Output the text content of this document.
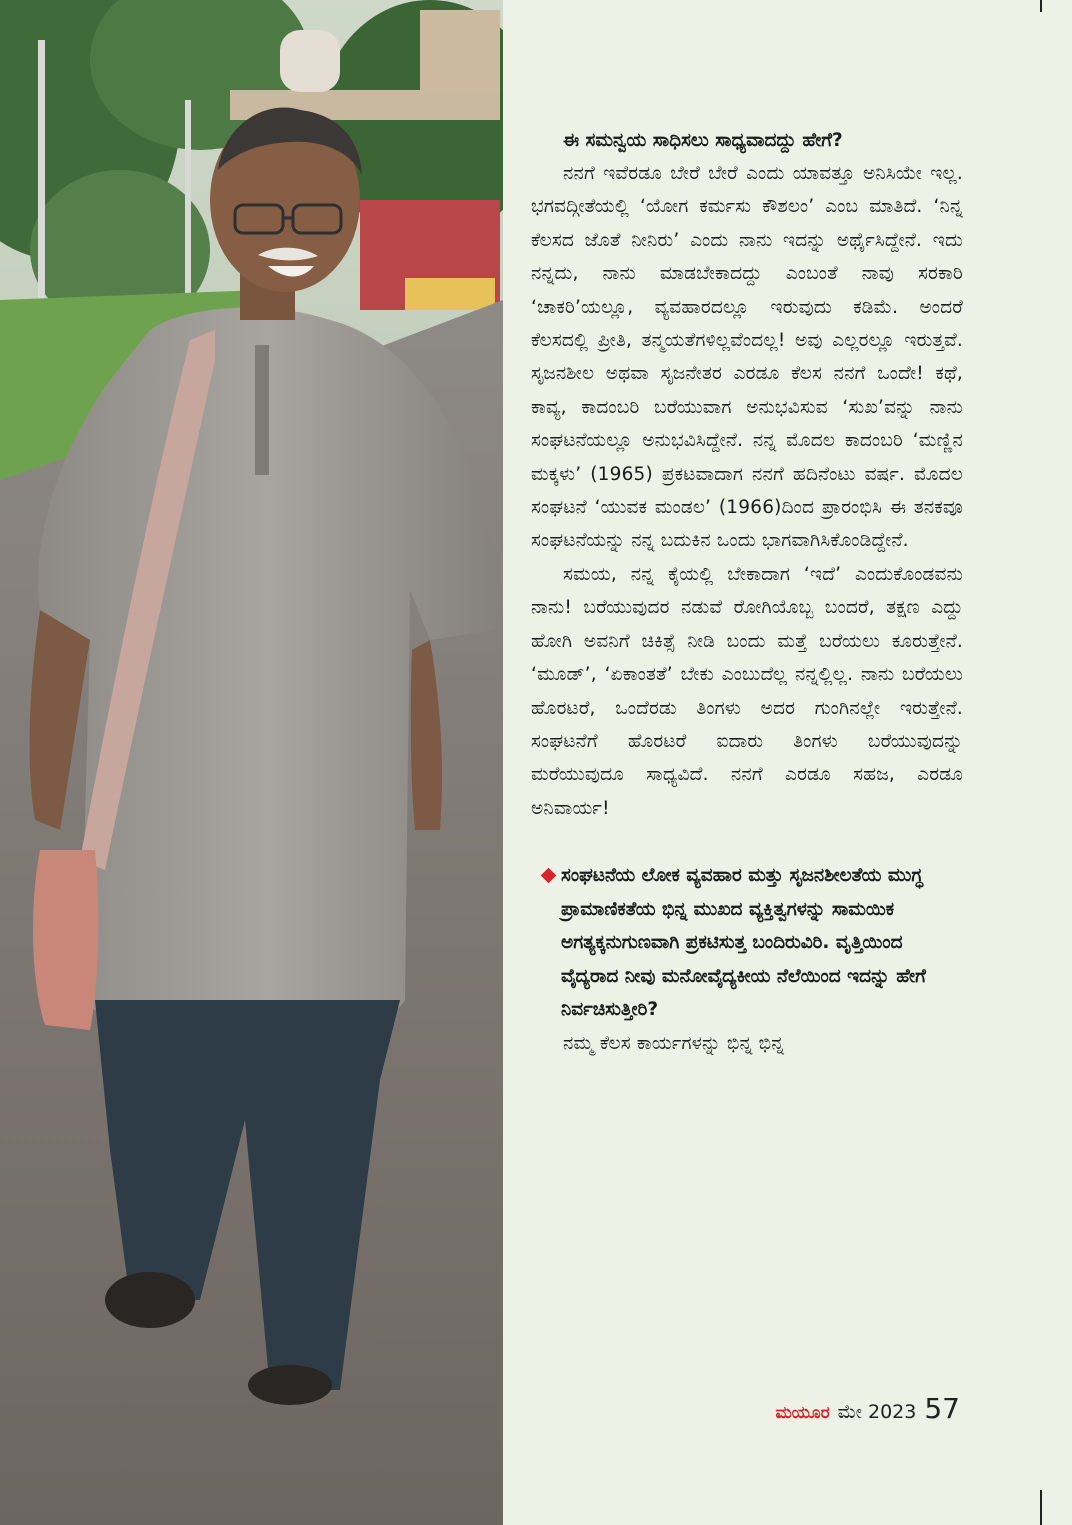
ಈ ಸಮನ್ವಯ ಸಾಧಿಸಲು ಸಾಧ್ಯವಾದದ್ದು ಹೇಗೆ?

ನನಗೆ ಇವೆರಡೂ ಬೇರೆ ಬೇರೆ ಎಂದು ಯಾವತ್ತೂ ಅನಿಸಿಯೇ ಇಲ್ಲ. ಭಗವದ್ಗೀತೆಯಲ್ಲಿ ‘ಯೋಗ ಕರ್ಮಸು ಕೌಶಲಂ’ ಎಂಬ ಮಾತಿದೆ. ‘ನಿನ್ನ ಕೆಲಸದ ಜೊತೆ ನೀನಿರು’ ಎಂದು ನಾನು ಇದನ್ನು ಅರ್ಥೈಸಿದ್ದೇನೆ. ಇದು ನನ್ನದು, ನಾನು ಮಾಡಬೇಕಾದದ್ದು ಎಂಬಂತೆ ನಾವು ಸರಕಾರಿ ‘ಚಾಕರಿ’ಯಲ್ಲೂ, ವ್ಯವಹಾರದಲ್ಲೂ ಇರುವುದು ಕಡಿಮೆ. ಅಂದರೆ ಕೆಲಸದಲ್ಲಿ ಪ್ರೀತಿ, ತನ್ಮಯತೆಗಳಿಲ್ಲವೆಂದಲ್ಲ! ಅವು ಎಲ್ಲರಲ್ಲೂ ಇರುತ್ತವೆ. ಸೃಜನಶೀಲ ಅಥವಾ ಸೃಜನೇತರ ಎರಡೂ ಕೆಲಸ ನನಗೆ ಒಂದೇ! ಕಥೆ, ಕಾವ್ಯ, ಕಾದಂಬರಿ ಬರೆಯುವಾಗ ಅನುಭವಿಸುವ ‘ಸುಖ’ವನ್ನು ನಾನು ಸಂಘಟನೆಯಲ್ಲೂ ಅನುಭವಿಸಿದ್ದೇನೆ. ನನ್ನ ಮೊದಲ ಕಾದಂಬರಿ ‘ಮಣ್ಣಿನ ಮಕ್ಕಳು’ (1965) ಪ್ರಕಟವಾದಾಗ ನನಗೆ ಹದಿನೆಂಟು ವರ್ಷ. ಮೊದಲ ಸಂಘಟನೆ ‘ಯುವಕ ಮಂಡಲ’ (1966)ದಿಂದ ಪ್ರಾರಂಭಿಸಿ ಈ ತನಕವೂ ಸಂಘಟನೆಯನ್ನು ನನ್ನ ಬದುಕಿನ ಒಂದು ಭಾಗವಾಗಿಸಿಕೊಂಡಿದ್ದೇನೆ.

ಸಮಯ, ನನ್ನ ಕೈಯಲ್ಲಿ ಬೇಕಾದಾಗ ‘ಇದೆ’ ಎಂದುಕೊಂಡವನು ನಾನು! ಬರೆಯುವುದರ ನಡುವೆ ರೋಗಿಯೊಬ್ಬ ಬಂದರೆ, ತಕ್ಷಣ ಎದ್ದು ಹೋಗಿ ಅವನಿಗೆ ಚಿಕಿತ್ಸೆ ನೀಡಿ ಬಂದು ಮತ್ತೆ ಬರೆಯಲು ಕೂರುತ್ತೇನೆ. ‘ಮೂಡ್’, ‘ಏಕಾಂತತೆ’ ಬೇಕು ಎಂಬುದೆಲ್ಲ ನನ್ನಲ್ಲಿಲ್ಲ. ನಾನು ಬರೆಯಲು ಹೊರಟರೆ, ಒಂದೆರಡು ತಿಂಗಳು ಅದರ ಗುಂಗಿನಲ್ಲೇ ಇರುತ್ತೇನೆ. ಸಂಘಟನೆಗೆ ಹೊರಟರೆ ಐದಾರು ತಿಂಗಳು ಬರೆಯುವುದನ್ನು ಮರೆಯುವುದೂ ಸಾಧ್ಯವಿದೆ. ನನಗೆ ಎರಡೂ ಸಹಜ, ಎರಡೂ ಅನಿವಾರ್ಯ!

ಸಂಘಟನೆಯ ಲೋಕ ವ್ಯವಹಾರ ಮತ್ತು ಸೃಜನಶೀಲತೆಯ ಮುಗ್ಧ ಪ್ರಾಮಾಣಿಕತೆಯ ಭಿನ್ನ ಮುಖದ ವ್ಯಕ್ತಿತ್ವಗಳನ್ನು ಸಾಮಯಿಕ ಅಗತ್ಯಕ್ಕನುಗುಣವಾಗಿ ಪ್ರಕಟಿಸುತ್ತ ಬಂದಿರುವಿರಿ. ವೃತ್ತಿಯಿಂದ ವೈದ್ಯರಾದ ನೀವು ಮನೋವೈದ್ಯಕೀಯ ನೆಲೆಯಿಂದ ಇದನ್ನು ಹೇಗೆ ನಿರ್ವಚಿಸುತ್ತೀರಿ?

ನಮ್ಮ ಕೆಲಸ ಕಾರ್ಯಗಳನ್ನು ಭಿನ್ನ ಭಿನ್ನ

ಮಯೂರ ಮೇ 2023 57
